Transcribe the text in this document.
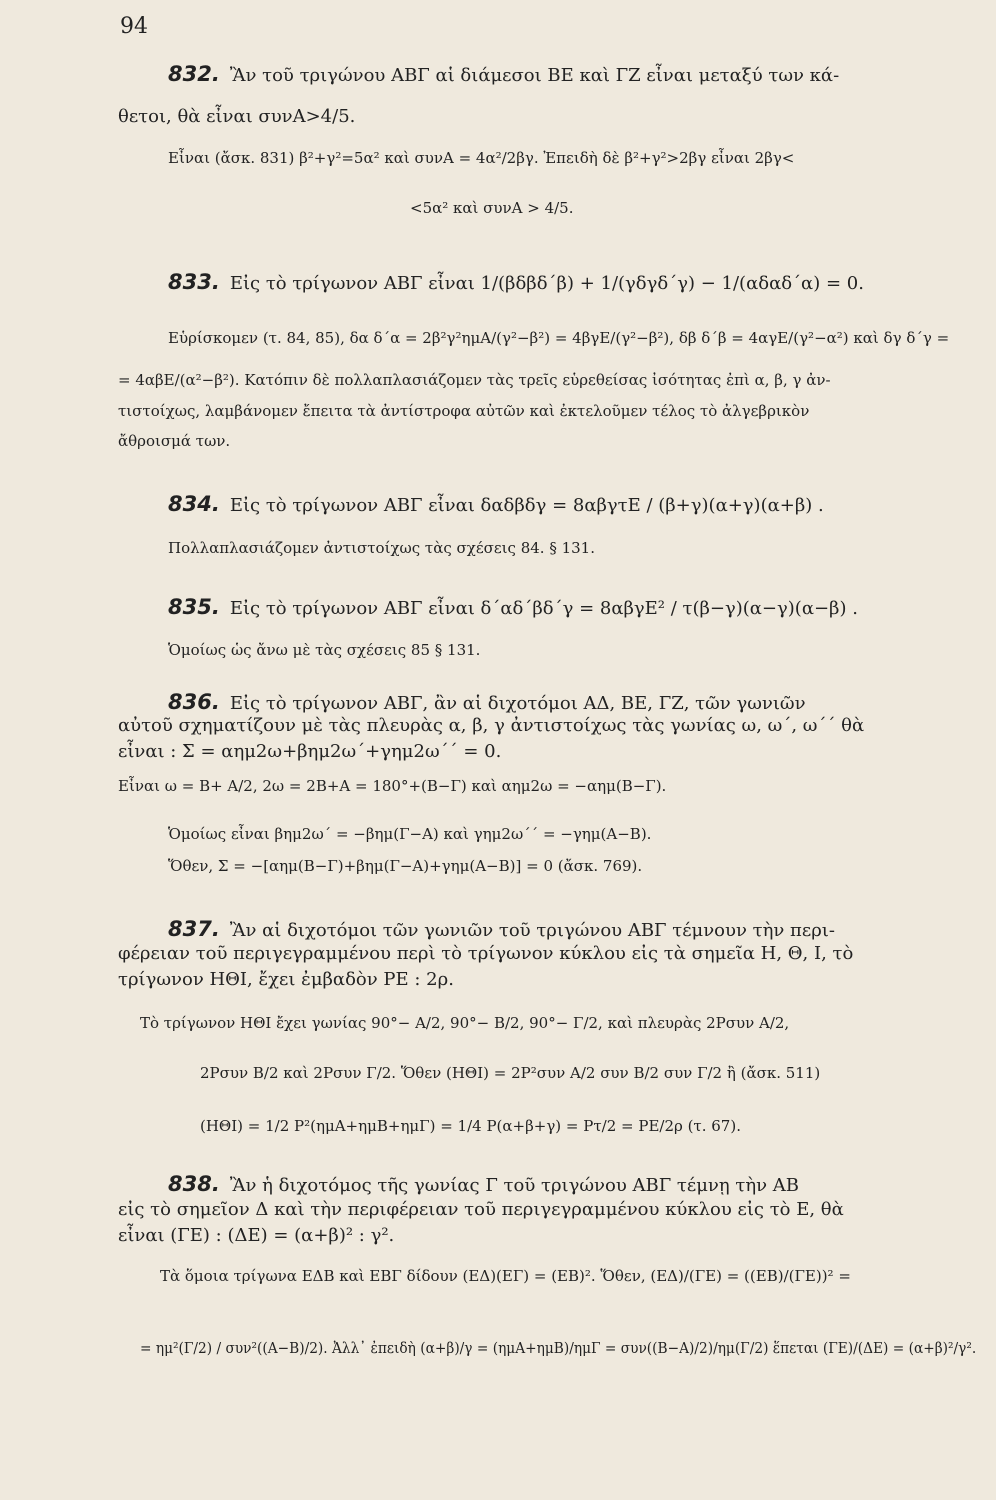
94
832. Ἂν τοῦ τριγώνου ΑΒΓ αἱ διάμεσοι ΒΕ καὶ ΓΖ εἶναι μεταξύ των κά-
θετοι, θὰ εἶναι συνΑ>4/5.
Εἶναι (ἄσκ. 831) β²+γ²=5α² καὶ συνΑ = 4α²/2βγ. Ἐπειδὴ δὲ β²+γ²>2βγ εἶναι 2βγ<
<5α² καὶ συνΑ > 4/5.
833. Εἰς τὸ τρίγωνον ΑΒΓ εἶναι 1/(βδβδ΄β) + 1/(γδγδ΄γ) − 1/(αδαδ΄α) = 0.
Εὑρίσκομεν (τ. 84, 85), δα δ΄α = 2β²γ²ημΑ/(γ²−β²) = 4βγΕ/(γ²−β²), δβ δ΄β = 4αγΕ/(γ²−α²) καὶ δγ δ΄γ =
= 4αβΕ/(α²−β²). Κατόπιν δὲ πολλαπλασιάζομεν τὰς τρεῖς εὑρεθείσας ἰσότητας ἐπὶ α, β, γ ἀν-
τιστοίχως, λαμβάνομεν ἔπειτα τὰ ἀντίστροφα αὐτῶν καὶ ἐκτελοῦμεν τέλος τὸ ἀλγεβρικὸν
ἄθροισμά των.
834. Εἰς τὸ τρίγωνον ΑΒΓ εἶναι δαδβδγ = 8αβγτΕ / (β+γ)(α+γ)(α+β) .
Πολλαπλασιάζομεν ἀντιστοίχως τὰς σχέσεις 84. § 131.
835. Εἰς τὸ τρίγωνον ΑΒΓ εἶναι δ΄αδ΄βδ΄γ = 8αβγΕ² / τ(β−γ)(α−γ)(α−β) .
Ὁμοίως ὡς ἄνω μὲ τὰς σχέσεις 85 § 131.
836. Εἰς τὸ τρίγωνον ΑΒΓ, ἂν αἱ διχοτόμοι ΑΔ, ΒΕ, ΓΖ, τῶν γωνιῶν
αὐτοῦ σχηματίζουν μὲ τὰς πλευρὰς α, β, γ ἀντιστοίχως τὰς γωνίας ω, ω΄, ω΄΄ θὰ
εἶναι : Σ = αημ2ω+βημ2ω΄+γημ2ω΄΄ = 0.
Εἶναι ω = Β+ Α/2, 2ω = 2Β+Α = 180°+(Β−Γ) καὶ αημ2ω = −αημ(Β−Γ).
Ὁμοίως εἶναι βημ2ω΄ = −βημ(Γ−Α) καὶ γημ2ω΄΄ = −γημ(Α−Β).
Ὅθεν, Σ = −[αημ(Β−Γ)+βημ(Γ−Α)+γημ(Α−Β)] = 0 (ἄσκ. 769).
837. Ἂν αἱ διχοτόμοι τῶν γωνιῶν τοῦ τριγώνου ΑΒΓ τέμνουν τὴν περι-
φέρειαν τοῦ περιγεγραμμένου περὶ τὸ τρίγωνον κύκλου εἰς τὰ σημεῖα Η, Θ, Ι, τὸ
τρίγωνον ΗΘΙ, ἔχει ἐμβαδὸν ΡΕ : 2ρ.
Τὸ τρίγωνον ΗΘΙ ἔχει γωνίας 90°− Α/2, 90°− Β/2, 90°− Γ/2, καὶ πλευρὰς 2Ρσυν Α/2,
2Ρσυν Β/2 καὶ 2Ρσυν Γ/2. Ὅθεν (ΗΘΙ) = 2Ρ²συν Α/2 συν Β/2 συν Γ/2 ἢ (ἄσκ. 511)
(ΗΘΙ) = 1/2 Ρ²(ημΑ+ημΒ+ημΓ) = 1/4 Ρ(α+β+γ) = Ρτ/2 = ΡΕ/2ρ (τ. 67).
838. Ἂν ἡ διχοτόμος τῆς γωνίας Γ τοῦ τριγώνου ΑΒΓ τέμνῃ τὴν ΑΒ
εἰς τὸ σημεῖον Δ καὶ τὴν περιφέρειαν τοῦ περιγεγραμμένου κύκλου εἰς τὸ Ε, θὰ
εἶναι (ΓΕ) : (ΔΕ) = (α+β)² : γ².
Τὰ ὅμοια τρίγωνα ΕΔΒ καὶ ΕΒΓ δίδουν (ΕΔ)(ΕΓ) = (ΕΒ)². Ὅθεν, (ΕΔ)/(ΓΕ) = ((ΕΒ)/(ΓΕ))² =
= ημ²(Γ/2) / συν²((Α−Β)/2). Ἀλλ᾽ ἐπειδὴ (α+β)/γ = (ημΑ+ημΒ)/ημΓ = συν((Β−Α)/2)/ημ(Γ/2) ἕπεται (ΓΕ)/(ΔΕ) = (α+β)²/γ².
